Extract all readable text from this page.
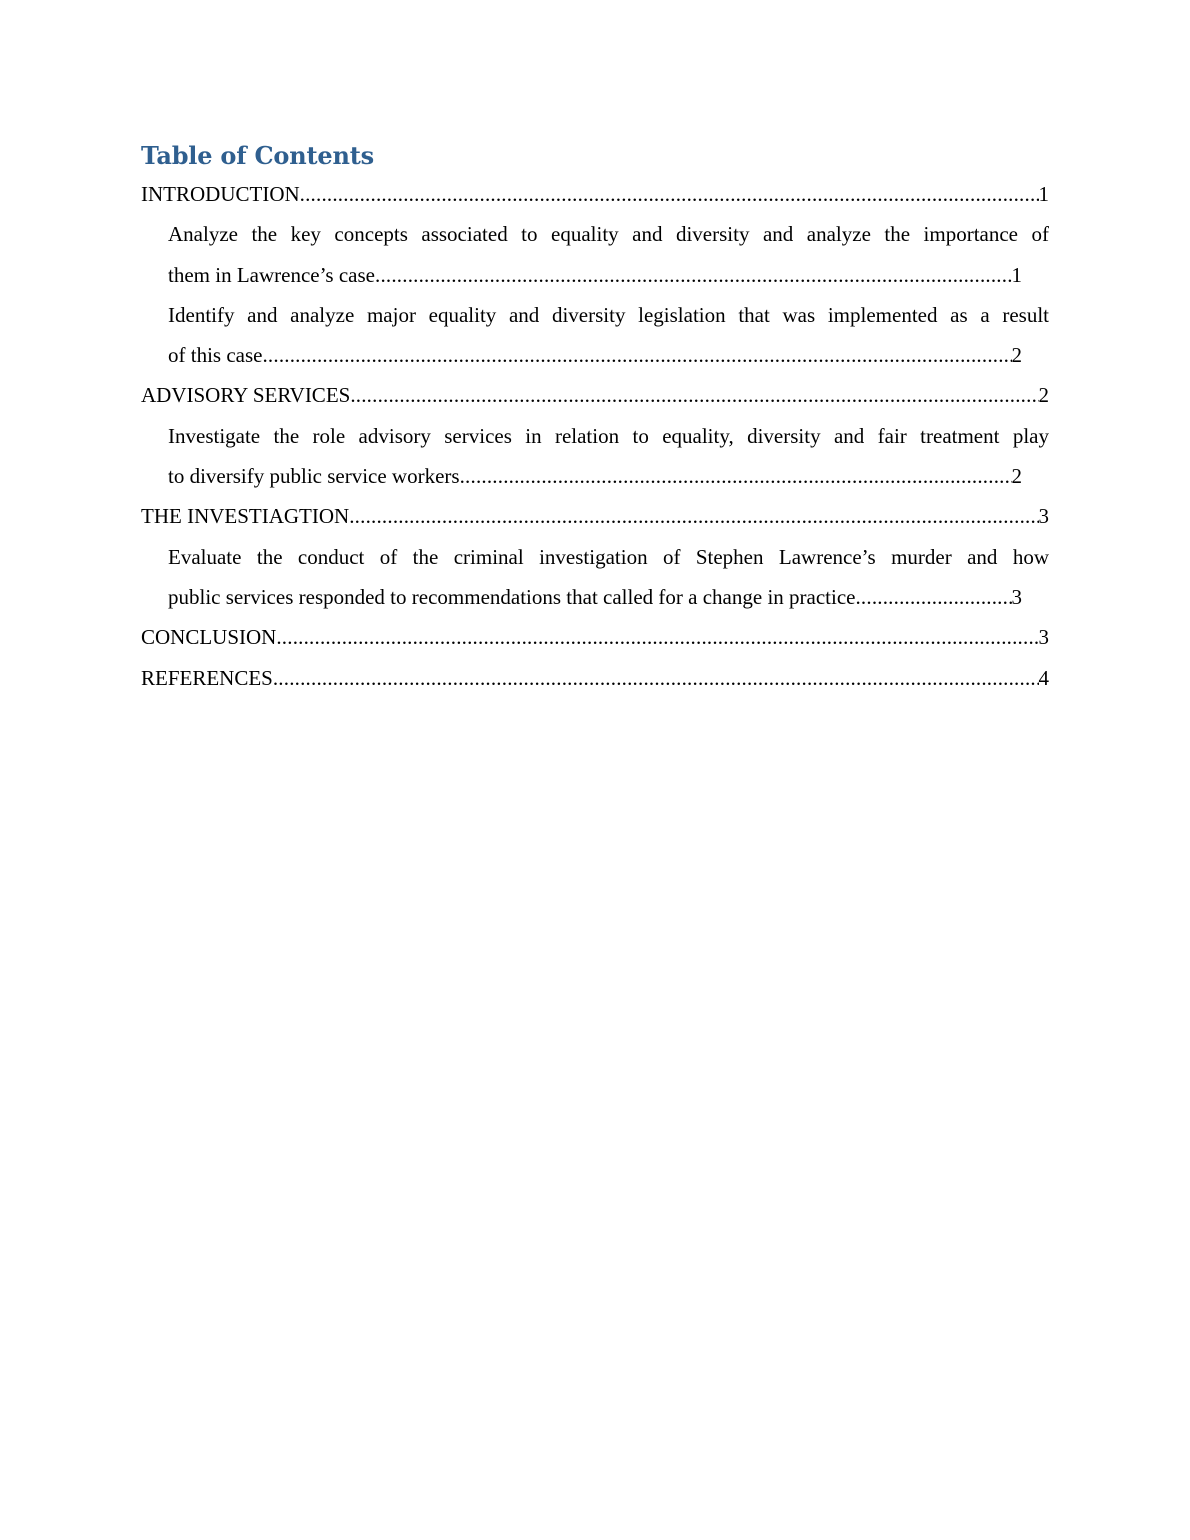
Table of Contents
INTRODUCTION .....	1
Analyze the key concepts associated to equality and diversity and analyze the importance of
them in Lawrence’s case .....	1
Identify and analyze major equality and diversity legislation that was implemented as a result
of this case .....	2
ADVISORY SERVICES .....	2
Investigate the role advisory services in relation to equality, diversity and fair treatment play
to diversify public service workers .....	2
THE INVESTIAGTION .....	3
Evaluate the conduct of the criminal investigation of Stephen Lawrence’s murder and how
public services responded to recommendations that called for a change in practice .....	3
CONCLUSION .....	3
REFERENCES .....	4
